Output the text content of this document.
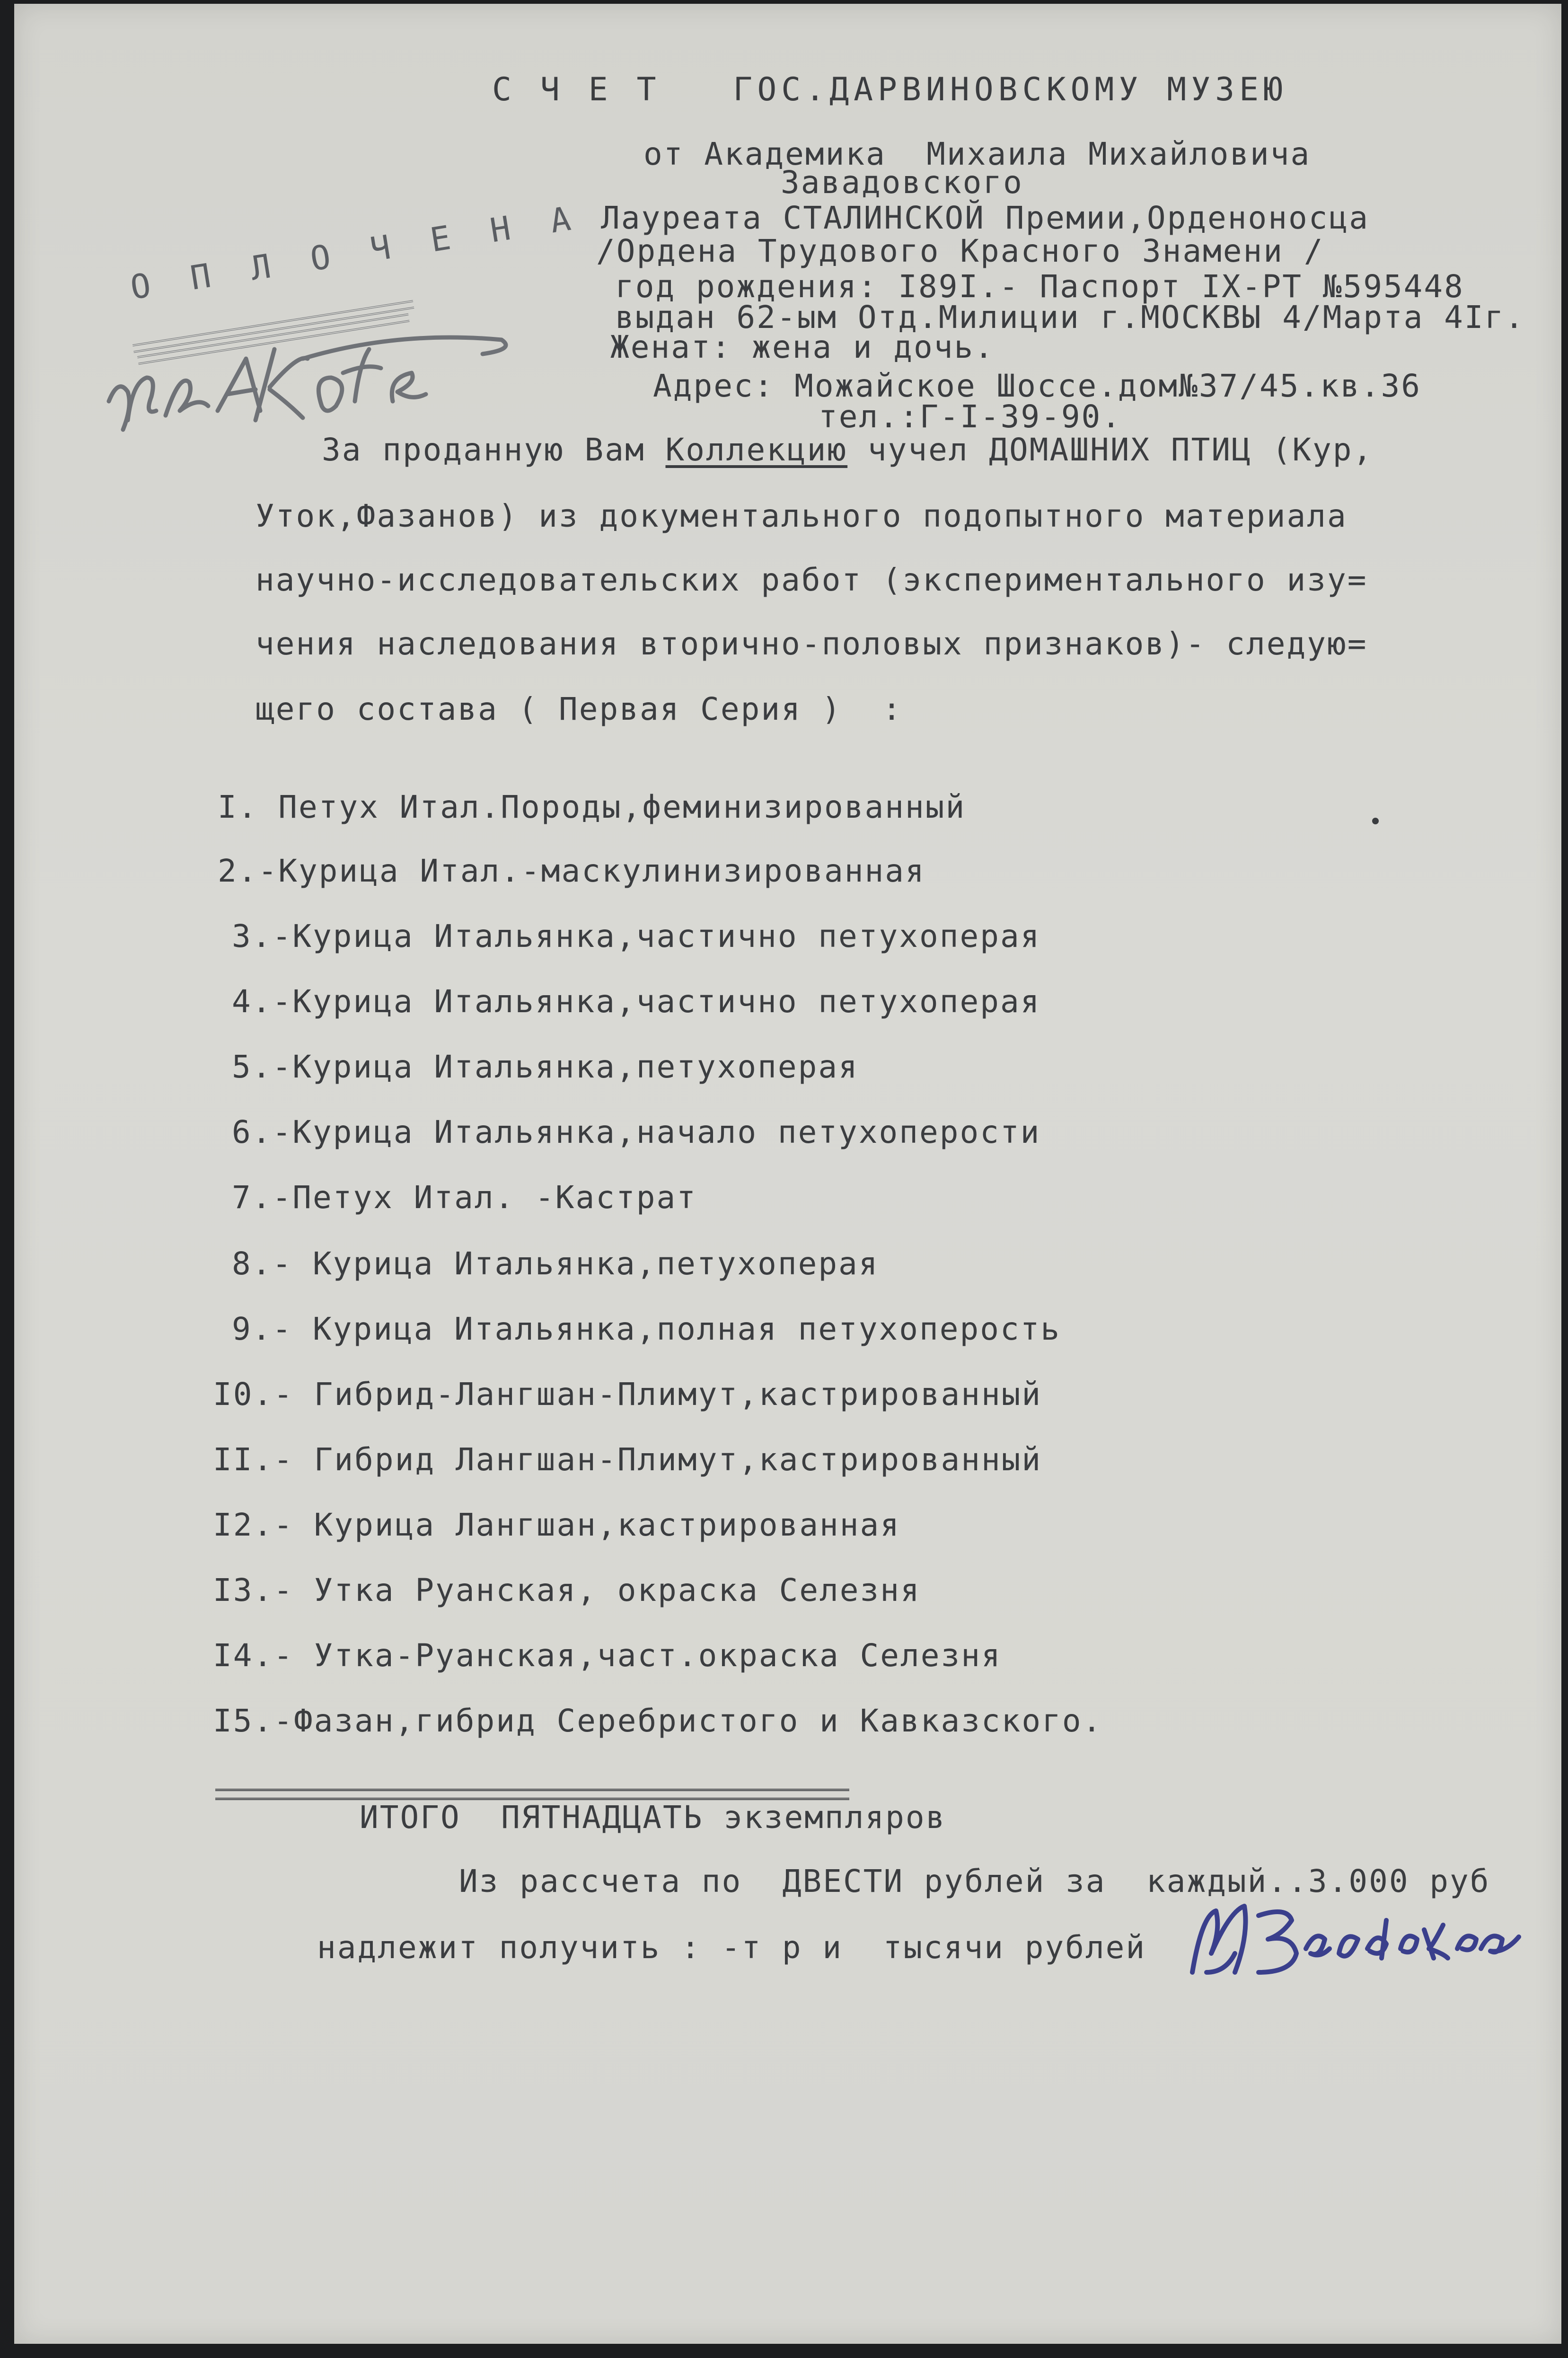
С Ч Е Т   ГОС.ДАРВИНОВСКОМУ МУЗЕЮ
от Академика  Михаила Михайловича
Завадовского
Лауреата СТАЛИНСКОЙ Премии,Орденоносца
/Ордена Трудового Красного Знамени /
год рождения: I89I.- Паспорт IX-РТ №595448
выдан 62-ым Отд.Милиции г.МОСКВЫ 4/Марта 4Iг.
Женат: жена и дочь.
Адрес: Можайское Шоссе.дом№37/45.кв.36
тел.:Г-I-39-90.
О П Л О Ч Е Н А
За проданную Вам Коллекцию чучел ДОМАШНИХ ПТИЦ (Кур,
Уток,Фазанов) из документального подопытного материала
научно-исследовательских работ (экспериментального изу=
чения наследования вторично-половых признаков)- следую=
щего состава ( Первая Серия )  :
I. Петух Итал.Породы,феминизированный
2.-Курица Итал.-маскулинизированная
3.-Курица Итальянка,частично петухоперая
4.-Курица Итальянка,частично петухоперая
5.-Курица Итальянка,петухоперая
6.-Курица Итальянка,начало петухоперости
7.-Петух Итал. -Кастрат
8.- Курица Итальянка,петухоперая
9.- Курица Итальянка,полная петухоперость
I0.- Гибрид-Лангшан-Плимут,кастрированный
II.- Гибрид Лангшан-Плимут,кастрированный
I2.- Курица Лангшан,кастрированная
I3.- Утка Руанская, окраска Селезня
I4.- Утка-Руанская,част.окраска Селезня
I5.-Фазан,гибрид Серебристого и Кавказского.
ИТОГО  ПЯТНАДЦАТЬ экземпляров
Из рассчета по  ДВЕСТИ рублей за  каждый..3.000 руб
надлежит получить : -т р и  тысячи рублей
